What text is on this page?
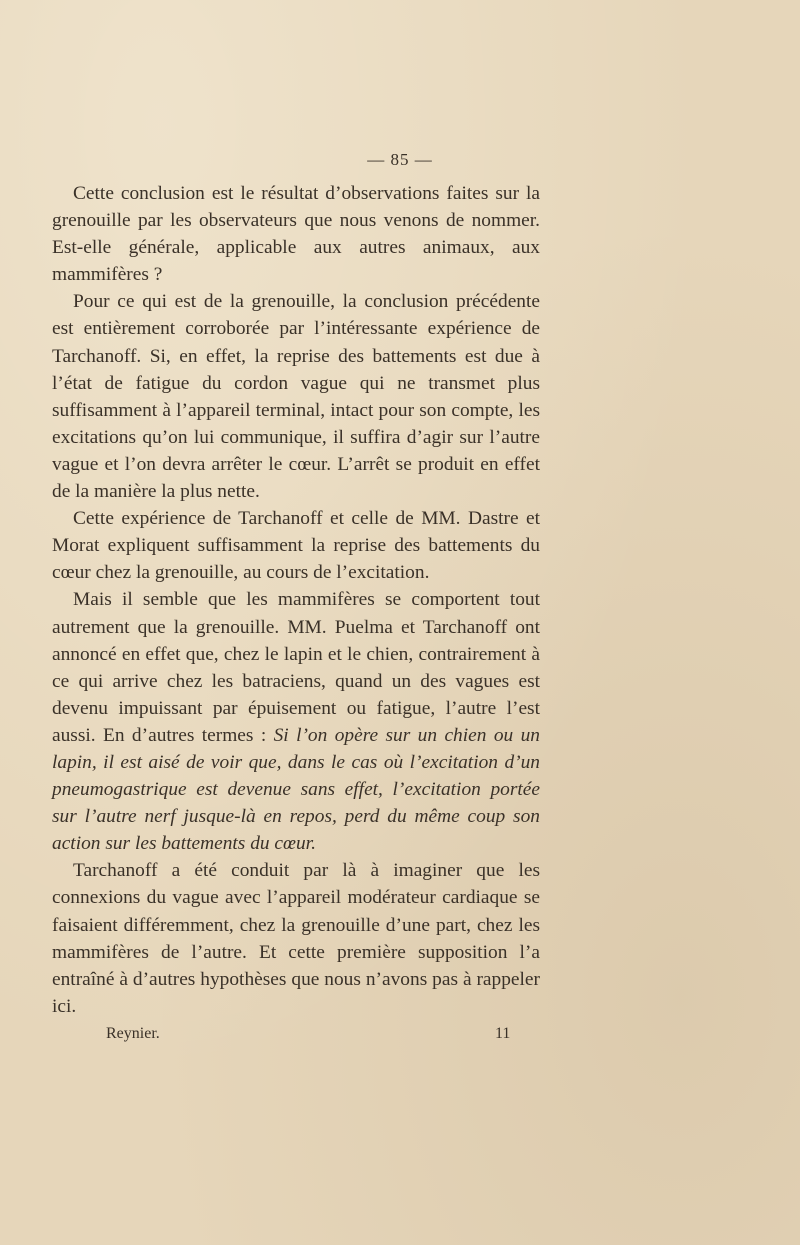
— 85 —

Cette conclusion est le résultat d’observations faites sur la grenouille par les observateurs que nous venons de nommer. Est-elle générale, applicable aux autres animaux, aux mammifères ?

Pour ce qui est de la grenouille, la conclusion précédente est entièrement corroborée par l’intéressante expérience de Tarchanoff. Si, en effet, la reprise des battements est due à l’état de fatigue du cordon vague qui ne transmet plus suffisamment à l’appareil terminal, intact pour son compte, les excitations qu’on lui communique, il suffira d’agir sur l’autre vague et l’on devra arrêter le cœur. L’arrêt se produit en effet de la manière la plus nette.

Cette expérience de Tarchanoff et celle de MM. Dastre et Morat expliquent suffisamment la reprise des battements du cœur chez la grenouille, au cours de l’excitation.

Mais il semble que les mammifères se comportent tout autrement que la grenouille. MM. Puelma et Tarchanoff ont annoncé en effet que, chez le lapin et le chien, contrairement à ce qui arrive chez les batraciens, quand un des vagues est devenu impuissant par épuisement ou fatigue, l’autre l’est aussi. En d’autres termes : Si l’on opère sur un chien ou un lapin, il est aisé de voir que, dans le cas où l’excitation d’un pneumogastrique est devenue sans effet, l’excitation portée sur l’autre nerf jusque-là en repos, perd du même coup son action sur les battements du cœur.

Tarchanoff a été conduit par là à imaginer que les connexions du vague avec l’appareil modérateur cardiaque se faisaient différemment, chez la grenouille d’une part, chez les mammifères de l’autre. Et cette première supposition l’a entraîné à d’autres hypothèses que nous n’avons pas à rappeler ici.

Reynier.	11
